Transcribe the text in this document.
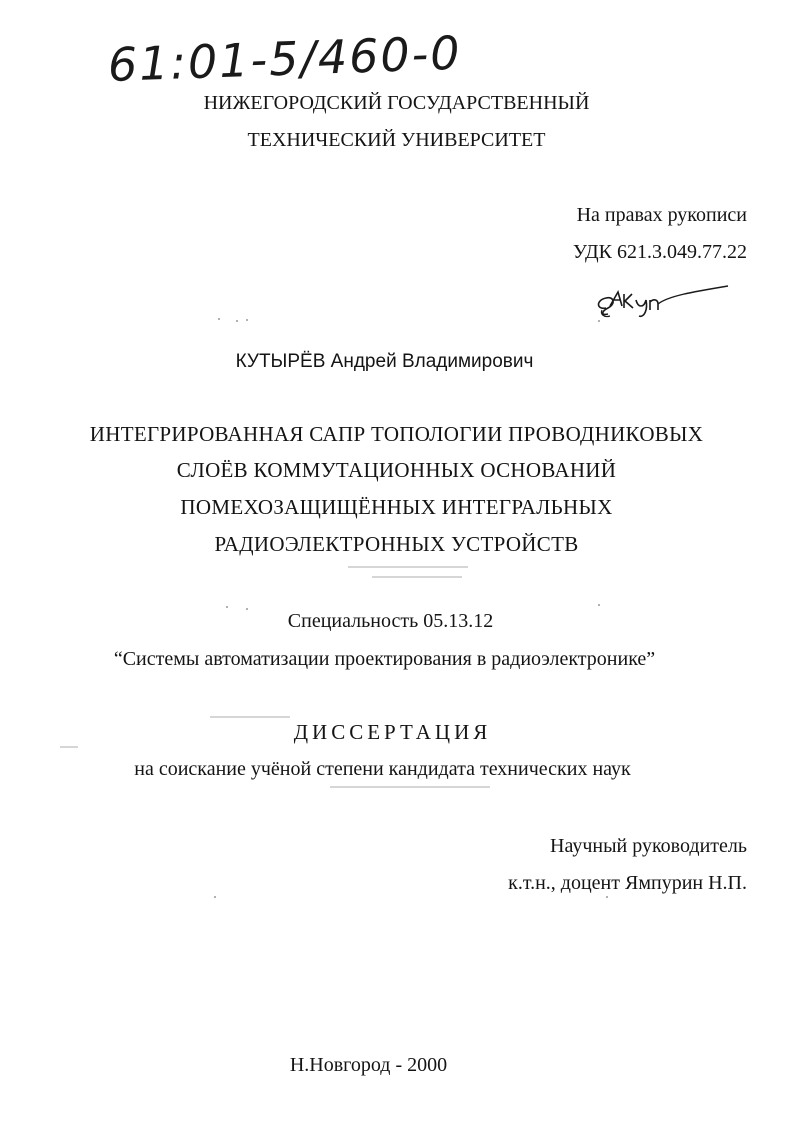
61:01-5/460-0
НИЖЕГОРОДСКИЙ ГОСУДАРСТВЕННЫЙ
ТЕХНИЧЕСКИЙ УНИВЕРСИТЕТ
На правах рукописи
УДК 621.3.049.77.22
КУТЫРЁВ Андрей Владимирович
ИНТЕГРИРОВАННАЯ САПР ТОПОЛОГИИ ПРОВОДНИКОВЫХ
СЛОЁВ КОММУТАЦИОННЫХ ОСНОВАНИЙ
ПОМЕХОЗАЩИЩЁННЫХ ИНТЕГРАЛЬНЫХ
РАДИОЭЛЕКТРОННЫХ УСТРОЙСТВ
Специальность 05.13.12
“Системы автоматизации проектирования в радиоэлектронике”
ДИССЕРТАЦИЯ
на соискание учёной степени кандидата технических наук
Научный руководитель
к.т.н., доцент Ямпурин Н.П.
Н.Новгород - 2000
